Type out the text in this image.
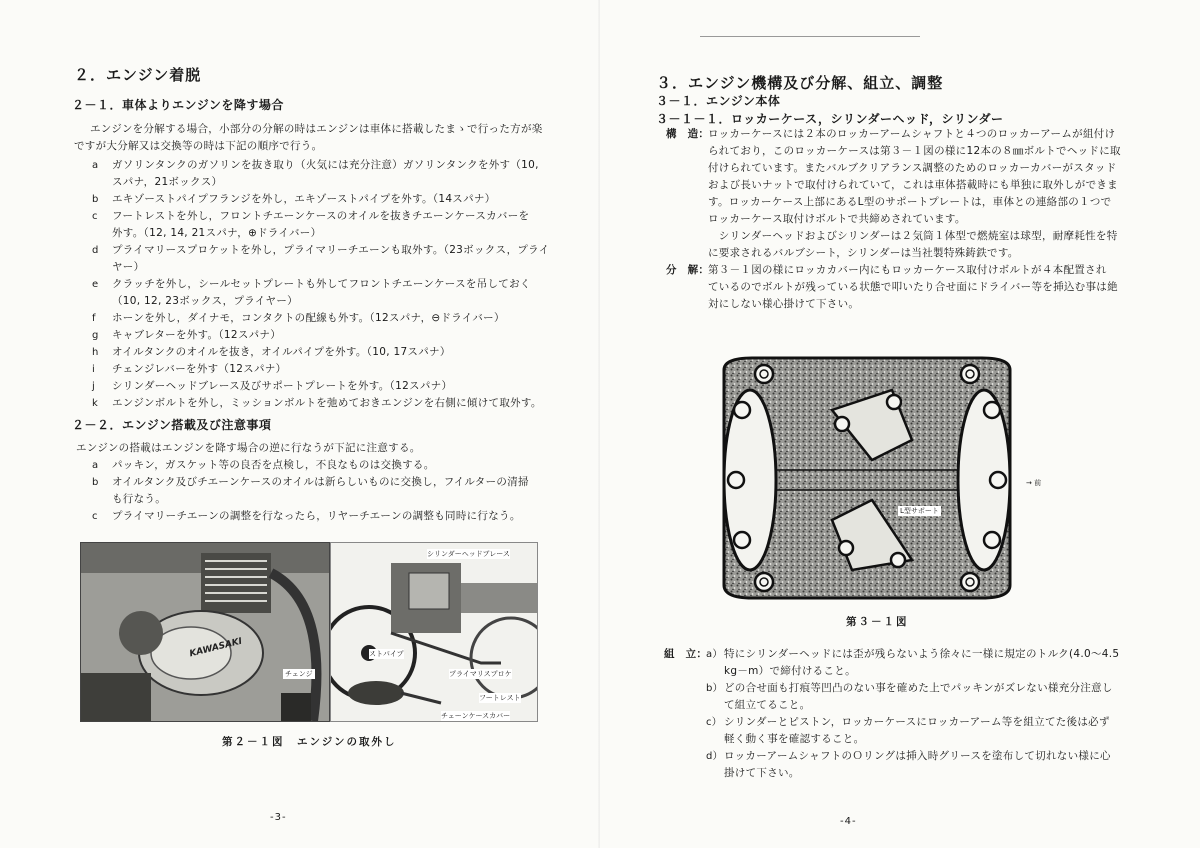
２．エンジン着脱
２－１．車体よりエンジンを降す場合
エンジンを分解する場合，小部分の分解の時はエンジンは車体に搭載したまゝで行った方が楽
ですが大分解又は交換等の時は下記の順序で行う。
a ガソリンタンクのガソリンを抜き取り（火気には充分注意）ガソリンタンクを外す（10,
スパナ，21ボックス）
b エキゾーストパイプフランジを外し，エキゾーストパイプを外す。（14スパナ）
c フートレストを外し，フロントチエーンケースのオイルを抜きチエーンケースカバーを
外す。（12, 14, 21スパナ，⊕ドライバー）
d プライマリースプロケットを外し，プライマリーチエーンも取外す。（23ボックス，プライ
ヤー）
e クラッチを外し，シールセットプレートも外してフロントチエーンケースを吊しておく
（10, 12, 23ボックス，プライヤー）
f ホーンを外し，ダイナモ，コンタクトの配線も外す。（12スパナ，⊖ドライバー）
g キャブレターを外す。（12スパナ）
h オイルタンクのオイルを抜き，オイルパイプを外す。（10, 17スパナ）
i チェンジレバーを外す（12スパナ）
j シリンダーヘッドブレース及びサポートプレートを外す。（12スパナ）
k エンジンボルトを外し，ミッションボルトを弛めておきエンジンを右側に傾けて取外す。
２－２．エンジン搭載及び注意事項
エンジンの搭載はエンジンを降す場合の逆に行なうが下記に注意する。
a パッキン，ガスケット等の良否を点検し，不良なものは交換する。
b オイルタンク及びチエーンケースのオイルは新らしいものに交換し，フイルターの清掃
も行なう。
c プライマリーチエーンの調整を行なったら，リヤーチエーンの調整も同時に行なう。
KAWASAKI
チェンジ
シリンダーヘッドブレース
ストパイプ
プライマリスプロケ
フートレスト
チェーンケースカバー
第２－１図　エンジンの取外し
-3-
３．エンジン機構及び分解、組立、調整
３－１．エンジン本体
３－１－１．ロッカーケース，シリンダーヘッド，シリンダー
構　造：
ロッカーケースには２本のロッカーアームシャフトと４つのロッカーアームが組付け
られており，このロッカーケースは第３－１図の様に12本の８㎜ボルトでヘッドに取
付けられています。またバルブクリアランス調整のためのロッカーカバーがスタッド
および長いナットで取付けられていて，これは車体搭載時にも単独に取外しができま
す。ロッカーケース上部にあるL型のサポートプレートは，車体との連絡部の１つで
ロッカーケース取付けボルトで共締めされています。
　シリンダーヘッドおよびシリンダーは２気筒１体型で燃焼室は球型，耐摩耗性を特
に要求されるバルブシート，シリンダーは当社製特殊鋳鉄です。
分　解：
第３－１図の様にロッカカバー内にもロッカーケース取付けボルトが４本配置され
ているのでボルトが残っている状態で叩いたり合せ面にドライバー等を挿込む事は絶
対にしない様心掛けて下さい。
L型サポート
→ 前
第３－１図
組　立：
a） 特にシリンダーヘッドには歪が残らないよう徐々に一様に規定のトルク(4.0～4.5
kg－m）で締付けること。
b） どの合せ面も打痕等凹凸のない事を確めた上でパッキンがズレない様充分注意し
て組立てること。
c） シリンダーとピストン，ロッカーケースにロッカーアーム等を組立てた後は必ず
軽く動く事を確認すること。
d） ロッカーアームシャフトのＯリングは挿入時グリースを塗布して切れない様に心
掛けて下さい。
-4-
